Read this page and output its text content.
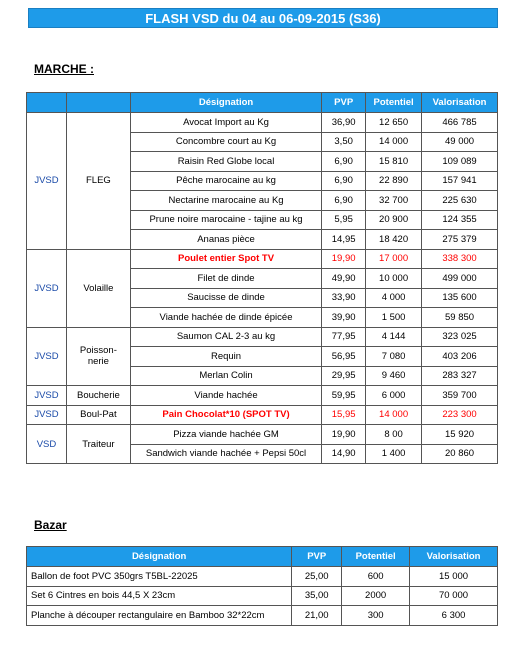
FLASH VSD du 04 au 06-09-2015 (S36)
MARCHE :
		Désignation	PVP	Potentiel	Valorisation
JVSD	FLEG	Avocat Import au Kg	36,90	12 650	466 785
		Concombre court au Kg	3,50	14 000	49 000
		Raisin Red Globe local	6,90	15 810	109 089
		Pêche marocaine au kg	6,90	22 890	157 941
		Nectarine marocaine au Kg	6,90	32 700	225 630
		Prune noire marocaine - tajine au kg	5,95	20 900	124 355
		Ananas pièce	14,95	18 420	275 379
JVSD	Volaille	Poulet entier Spot TV	19,90	17 000	338 300
		Filet de dinde	49,90	10 000	499 000
		Saucisse de dinde	33,90	4 000	135 600
		Viande hachée de dinde épicée	39,90	1 500	59 850
JVSD	Poisson-
nerie	Saumon CAL 2-3 au kg	77,95	4 144	323 025
		Requin	56,95	7 080	403 206
		Merlan Colin	29,95	9 460	283 327
JVSD	Boucherie	Viande hachée	59,95	6 000	359 700
JVSD	Boul-Pat	Pain Chocolat*10 (SPOT TV)	15,95	14 000	223 300
VSD	Traiteur	Pizza viande hachée GM	19,90	8 00	15 920
		Sandwich viande hachée + Pepsi 50cl	14,90	1 400	20 860
Bazar
Désignation	PVP	Potentiel	Valorisation
Ballon de foot PVC 350grs T5BL-22025	25,00	600	15 000
Set 6 Cintres en bois 44,5 X 23cm	35,00	2000	70 000
Planche à découper rectangulaire en Bamboo 32*22cm	21,00	300	6 300
